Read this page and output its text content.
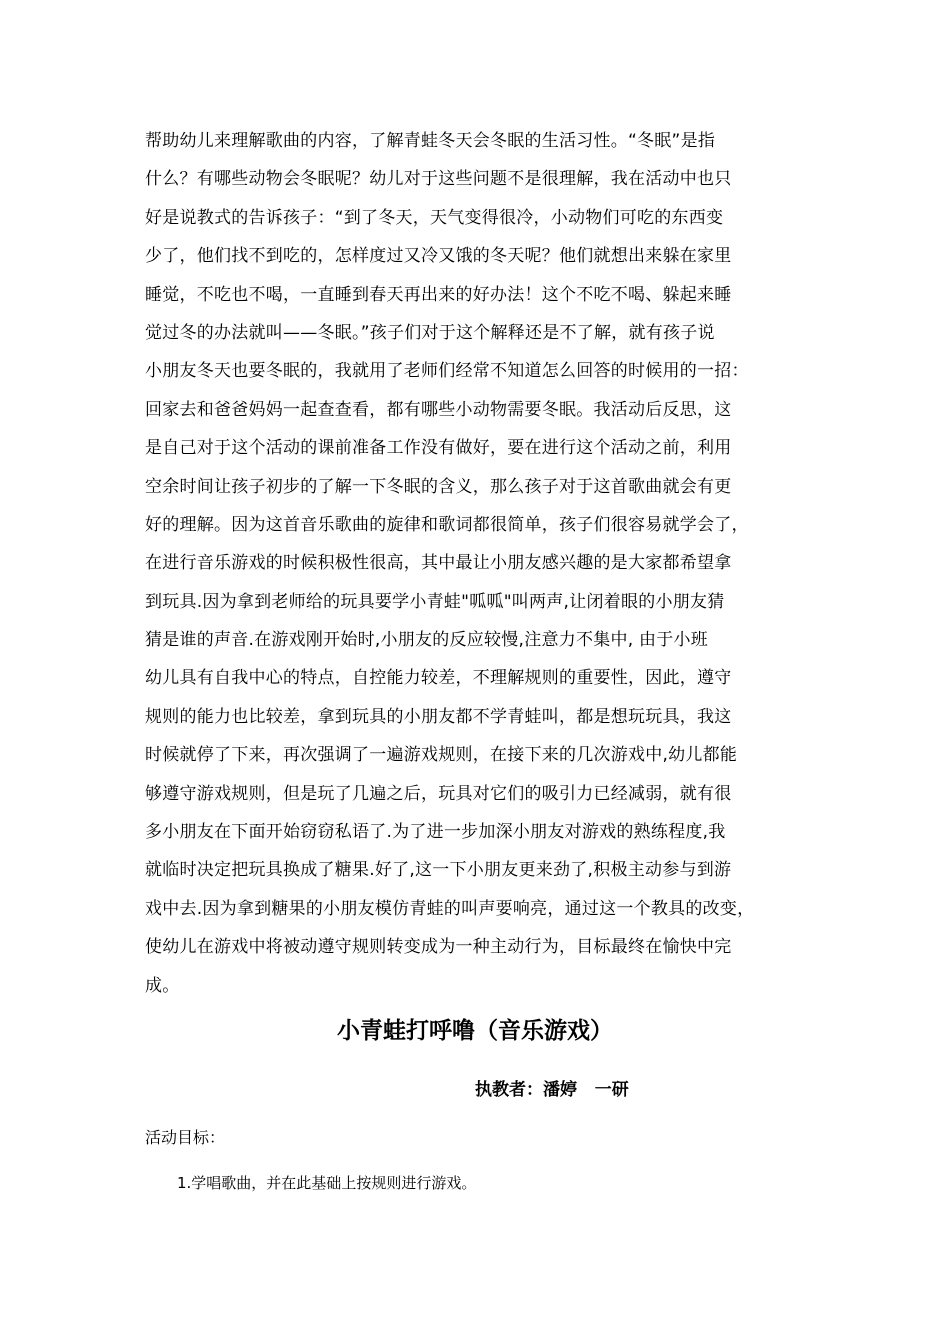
帮助幼儿来理解歌曲的内容，了解青蛙冬天会冬眠的生活习性。“冬眠”是指
什么？有哪些动物会冬眠呢？幼儿对于这些问题不是很理解，我在活动中也只
好是说教式的告诉孩子：“到了冬天，天气变得很冷，小动物们可吃的东西变
少了，他们找不到吃的，怎样度过又冷又饿的冬天呢？他们就想出来躲在家里
睡觉，不吃也不喝，一直睡到春天再出来的好办法！这个不吃不喝、躲起来睡
觉过冬的办法就叫——冬眠。”孩子们对于这个解释还是不了解，就有孩子说
小朋友冬天也要冬眠的，我就用了老师们经常不知道怎么回答的时候用的一招：
回家去和爸爸妈妈一起查查看，都有哪些小动物需要冬眠。我活动后反思，这
是自己对于这个活动的课前准备工作没有做好，要在进行这个活动之前，利用
空余时间让孩子初步的了解一下冬眠的含义，那么孩子对于这首歌曲就会有更
好的理解。因为这首音乐歌曲的旋律和歌词都很简单，孩子们很容易就学会了，
在进行音乐游戏的时候积极性很高，其中最让小朋友感兴趣的是大家都希望拿
到玩具.因为拿到老师给的玩具要学小青蛙"呱呱"叫两声,让闭着眼的小朋友猜
猜是谁的声音.在游戏刚开始时,小朋友的反应较慢,注意力不集中, 由于小班
幼儿具有自我中心的特点，自控能力较差，不理解规则的重要性，因此，遵守
规则的能力也比较差，拿到玩具的小朋友都不学青蛙叫，都是想玩玩具，我这
时候就停了下来，再次强调了一遍游戏规则，在接下来的几次游戏中,幼儿都能
够遵守游戏规则，但是玩了几遍之后，玩具对它们的吸引力已经减弱，就有很
多小朋友在下面开始窃窃私语了.为了进一步加深小朋友对游戏的熟练程度,我
就临时决定把玩具换成了糖果.好了,这一下小朋友更来劲了,积极主动参与到游
戏中去.因为拿到糖果的小朋友模仿青蛙的叫声要响亮，通过这一个教具的改变，
使幼儿在游戏中将被动遵守规则转变成为一种主动行为，目标最终在愉快中完
成。
小青蛙打呼噜（音乐游戏）
执教者：潘婷   一研
活动目标：
1.学唱歌曲，并在此基础上按规则进行游戏。
